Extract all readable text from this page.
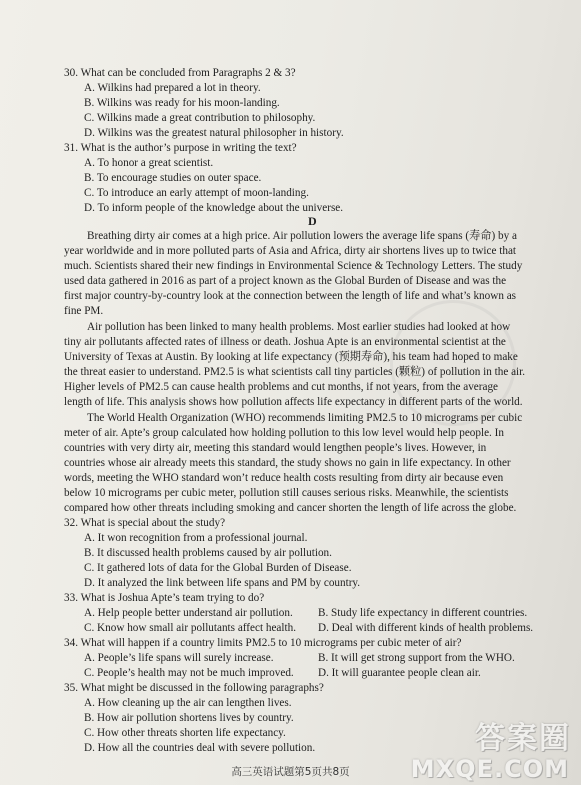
30. What can be concluded from Paragraphs 2 & 3?
A. Wilkins had prepared a lot in theory.
B. Wilkins was ready for his moon-landing.
C. Wilkins made a great contribution to philosophy.
D. Wilkins was the greatest natural philosopher in history.
31. What is the author’s purpose in writing the text?
A. To honor a great scientist.
B. To encourage studies on outer space.
C. To introduce an early attempt of moon-landing.
D. To inform people of the knowledge about the universe.
D
Breathing dirty air comes at a high price. Air pollution lowers the average life spans (寿命) by a
year worldwide and in more polluted parts of Asia and Africa, dirty air shortens lives up to twice that
much. Scientists shared their new findings in Environmental Science & Technology Letters. The study
used data gathered in 2016 as part of a project known as the Global Burden of Disease and was the
first major country-by-country look at the connection between the length of life and what’s known as
fine PM.
Air pollution has been linked to many health problems. Most earlier studies had looked at how
tiny air pollutants affected rates of illness or death. Joshua Apte is an environmental scientist at the
University of Texas at Austin. By looking at life expectancy (预期寿命), his team had hoped to make
the threat easier to understand. PM2.5 is what scientists call tiny particles (颗粒) of pollution in the air.
Higher levels of PM2.5 can cause health problems and cut months, if not years, from the average
length of life. This analysis shows how pollution affects life expectancy in different parts of the world.
The World Health Organization (WHO) recommends limiting PM2.5 to 10 micrograms per cubic
meter of air. Apte’s group calculated how holding pollution to this low level would help people. In
countries with very dirty air, meeting this standard would lengthen people’s lives. However, in
countries whose air already meets this standard, the study shows no gain in life expectancy. In other
words, meeting the WHO standard won’t reduce health costs resulting from dirty air because even
below 10 micrograms per cubic meter, pollution still causes serious risks. Meanwhile, the scientists
compared how other threats including smoking and cancer shorten the length of life across the globe.
32. What is special about the study?
A. It won recognition from a professional journal.
B. It discussed health problems caused by air pollution.
C. It gathered lots of data for the Global Burden of Disease.
D. It analyzed the link between life spans and PM by country.
33. What is Joshua Apte’s team trying to do?
A. Help people better understand air pollution. B. Study life expectancy in different countries.
C. Know how small air pollutants affect health. D. Deal with different kinds of health problems.
34. What will happen if a country limits PM2.5 to 10 micrograms per cubic meter of air?
A. People’s life spans will surely increase.	B. It will get strong support from the WHO.
C. People’s health may not be much improved. D. It will guarantee people clean air.
35. What might be discussed in the following paragraphs?
A. How cleaning up the air can lengthen lives.
B. How air pollution shortens lives by country.
C. How other threats shorten life expectancy.
D. How all the countries deal with severe pollution.
高三英语试题第5页共8页
答案圈
MXQE.COM
